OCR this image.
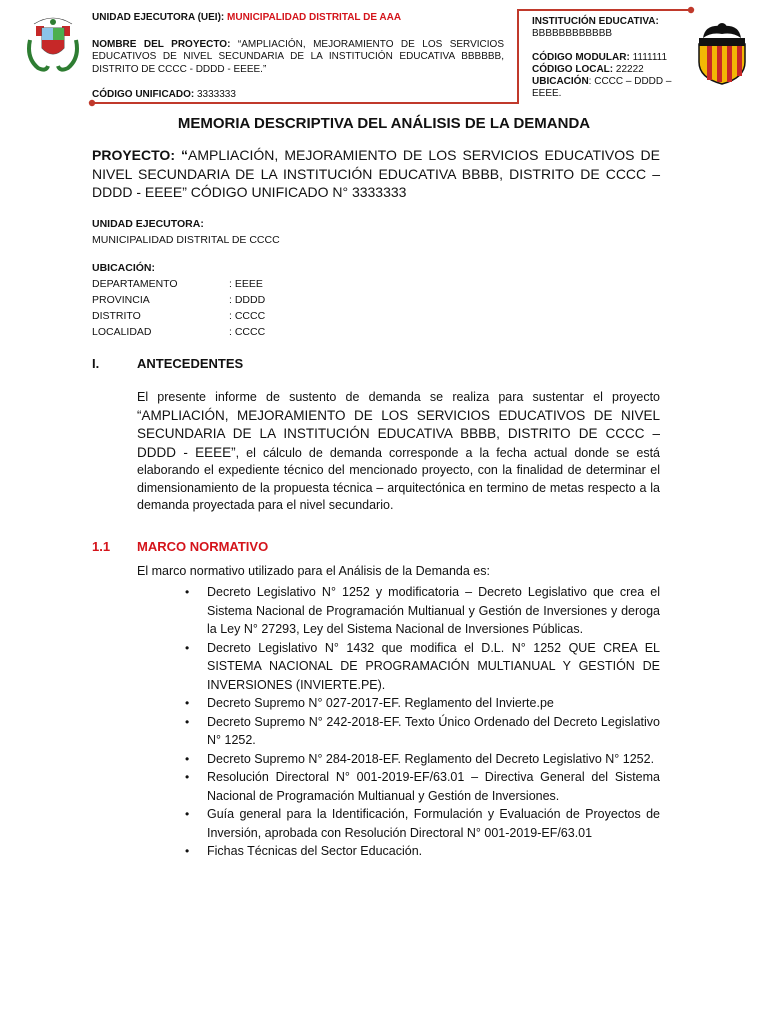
UNIDAD EJECUTORA (UEI): MUNICIPALIDAD DISTRITAL DE AAA
NOMBRE DEL PROYECTO: “AMPLIACIÓN, MEJORAMIENTO DE LOS SERVICIOS EDUCATIVOS DE NIVEL SECUNDARIA DE LA INSTITUCIÓN EDUCATIVA BBBBBB, DISTRITO DE CCCC - DDDD - EEEE.”
CÓDIGO UNIFICADO: 3333333
INSTITUCIÓN EDUCATIVA:
BBBBBBBBBBBB
CÓDIGO MODULAR: 1111111
CÓDIGO LOCAL: 22222
UBICACIÓN: CCCC – DDDD – EEEE.
MEMORIA DESCRIPTIVA DEL ANÁLISIS DE LA DEMANDA
PROYECTO: “AMPLIACIÓN, MEJORAMIENTO DE LOS SERVICIOS EDUCATIVOS DE NIVEL SECUNDARIA DE LA INSTITUCIÓN EDUCATIVA BBBB, DISTRITO DE CCCC – DDDD - EEEE” CÓDIGO UNIFICADO N° 3333333
UNIDAD EJECUTORA:
MUNICIPALIDAD DISTRITAL DE CCCC
UBICACIÓN:
DEPARTAMENTO	: EEEE
PROVINCIA	: DDDD
DISTRITO	: CCCC
LOCALIDAD	: CCCC
I.	ANTECEDENTES
El presente informe de sustento de demanda se realiza para sustentar el proyecto “AMPLIACIÓN, MEJORAMIENTO DE LOS SERVICIOS EDUCATIVOS DE NIVEL SECUNDARIA DE LA INSTITUCIÓN EDUCATIVA BBBB, DISTRITO DE CCCC – DDDD - EEEE”, el cálculo de demanda corresponde a la fecha actual donde se está elaborando el expediente técnico del mencionado proyecto, con la finalidad de determinar el dimensionamiento de la propuesta técnica – arquitectónica en termino de metas respecto a la demanda proyectada para el nivel secundario.
1.1 MARCO NORMATIVO
El marco normativo utilizado para el Análisis de la Demanda es:
• Decreto Legislativo N° 1252 y modificatoria – Decreto Legislativo que crea el Sistema Nacional de Programación Multianual y Gestión de Inversiones y deroga la Ley N° 27293, Ley del Sistema Nacional de Inversiones Públicas.
• Decreto Legislativo N° 1432 que modifica el D.L. N° 1252 QUE CREA EL SISTEMA NACIONAL DE PROGRAMACIÓN MULTIANUAL Y GESTIÓN DE INVERSIONES (INVIERTE.PE).
• Decreto Supremo N° 027-2017-EF. Reglamento del Invierte.pe
• Decreto Supremo N° 242-2018-EF. Texto Único Ordenado del Decreto Legislativo N° 1252.
• Decreto Supremo N° 284-2018-EF. Reglamento del Decreto Legislativo N° 1252.
• Resolución Directoral N° 001-2019-EF/63.01 – Directiva General del Sistema Nacional de Programación Multianual y Gestión de Inversiones.
• Guía general para la Identificación, Formulación y Evaluación de Proyectos de Inversión, aprobada con Resolución Directoral N° 001-2019-EF/63.01
• Fichas Técnicas del Sector Educación.
